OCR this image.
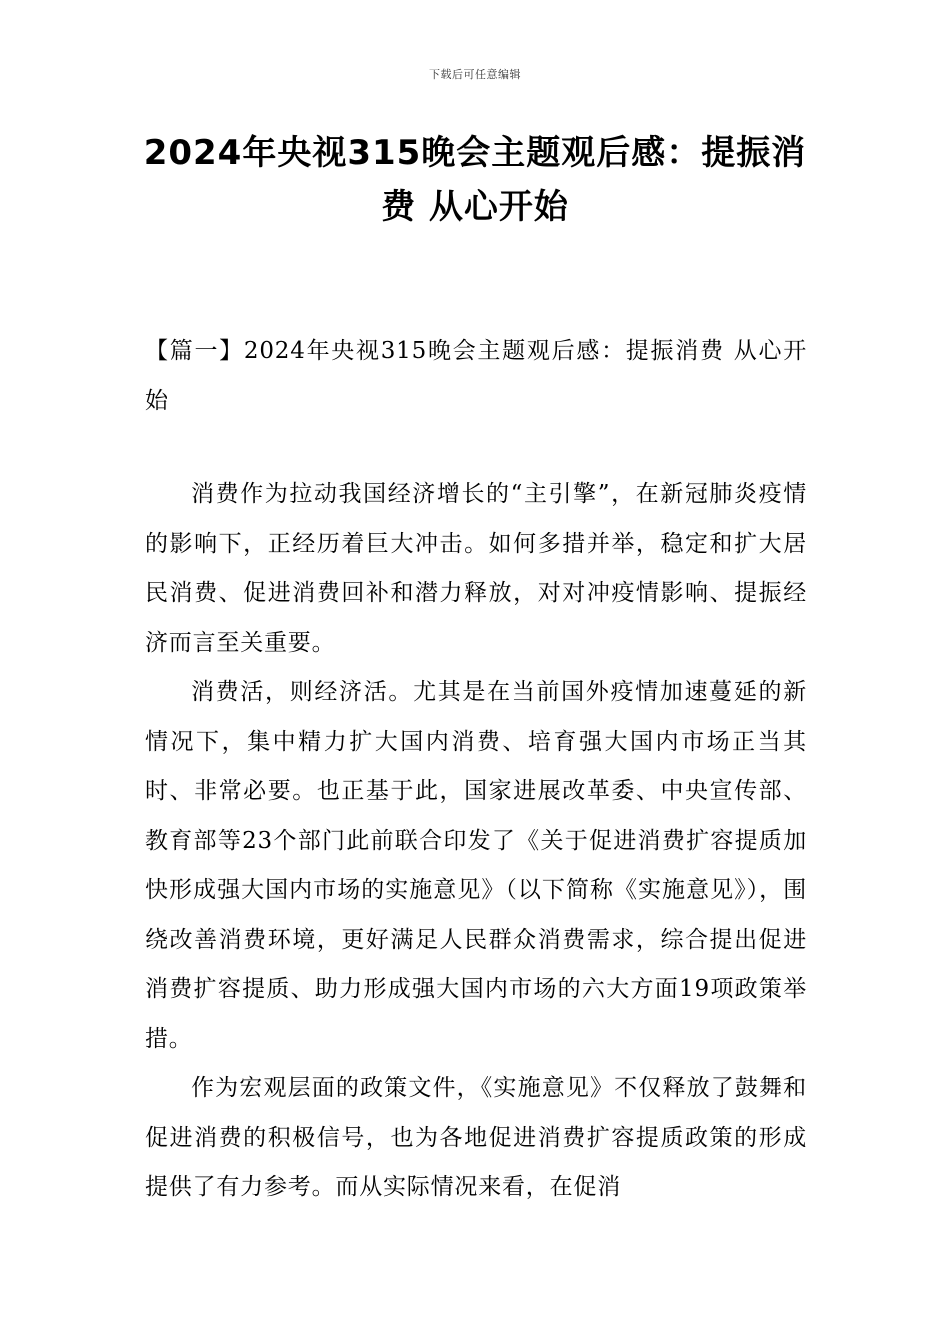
下载后可任意编辑
2024年央视315晚会主题观后感：提振消
费 从心开始
【篇一】2024年央视315晚会主题观后感：提振消费 从心开始

消费作为拉动我国经济增长的“主引擎”，在新冠肺炎疫情的影响下，正经历着巨大冲击。如何多措并举，稳定和扩大居民消费、促进消费回补和潜力释放，对对冲疫情影响、提振经济而言至关重要。

消费活，则经济活。尤其是在当前国外疫情加速蔓延的新情况下，集中精力扩大国内消费、培育强大国内市场正当其时、非常必要。也正基于此，国家进展改革委、中央宣传部、教育部等23个部门此前联合印发了《关于促进消费扩容提质加快形成强大国内市场的实施意见》（以下简称《实施意见》），围绕改善消费环境，更好满足人民群众消费需求，综合提出促进消费扩容提质、助力形成强大国内市场的六大方面19项政策举措。

作为宏观层面的政策文件，《实施意见》不仅释放了鼓舞和促进消费的积极信号，也为各地促进消费扩容提质政策的形成提供了有力参考。而从实际情况来看，在促消
